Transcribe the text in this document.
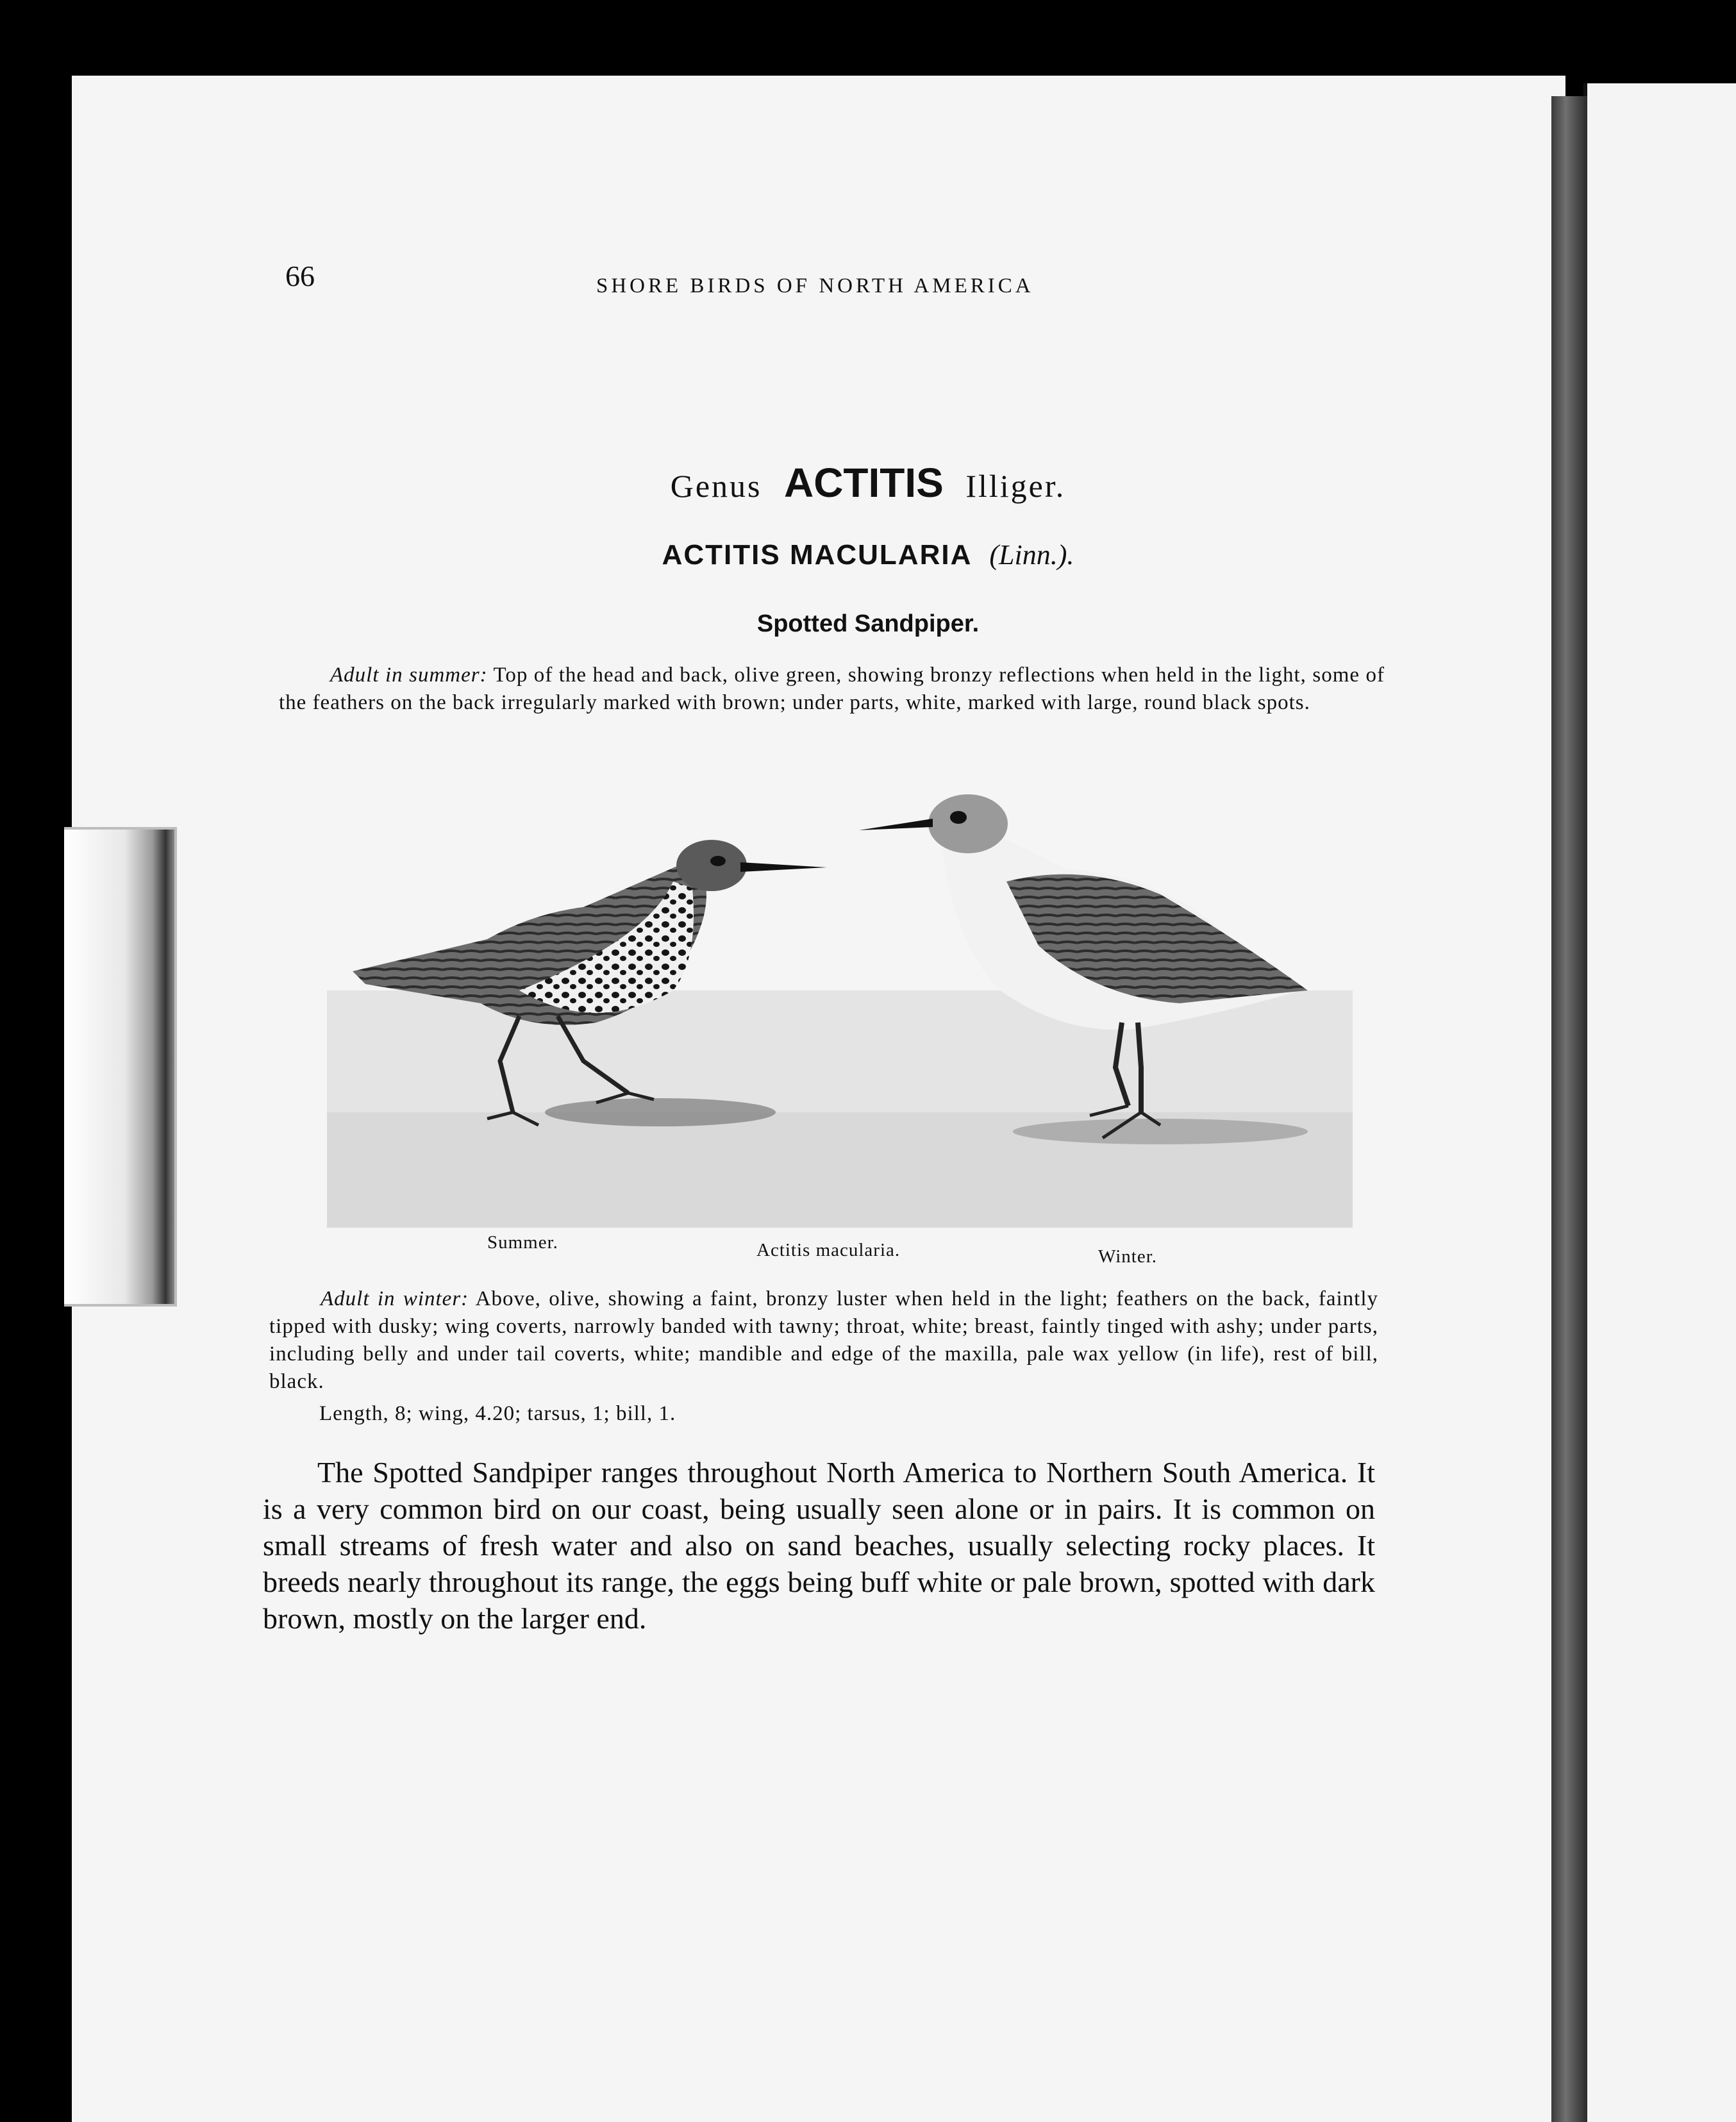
66	SHORE BIRDS OF NORTH AMERICA
Genus ACTITIS Illiger.
ACTITIS MACULARIA (Linn.).
Spotted Sandpiper.
Adult in summer: Top of the head and back, olive green, showing bronzy reflections when held in the light, some of the feathers on the back irregularly marked with brown; under parts, white, marked with large, round black spots.
Summer.	Actitis macularia.	Winter.
Adult in winter: Above, olive, showing a faint, bronzy luster when held in the light; feathers on the back, faintly tipped with dusky; wing coverts, narrowly banded with tawny; throat, white; breast, faintly tinged with ashy; under parts, including belly and under tail coverts, white; mandible and edge of the maxilla, pale wax yellow (in life), rest of bill, black.
Length, 8; wing, 4.20; tarsus, 1; bill, 1.
The Spotted Sandpiper ranges throughout North America to Northern South America. It is a very common bird on our coast, being usually seen alone or in pairs. It is common on small streams of fresh water and also on sand beaches, usually selecting rocky places. It breeds nearly throughout its range, the eggs being buff white or pale brown, spotted with dark brown, mostly on the larger end.
